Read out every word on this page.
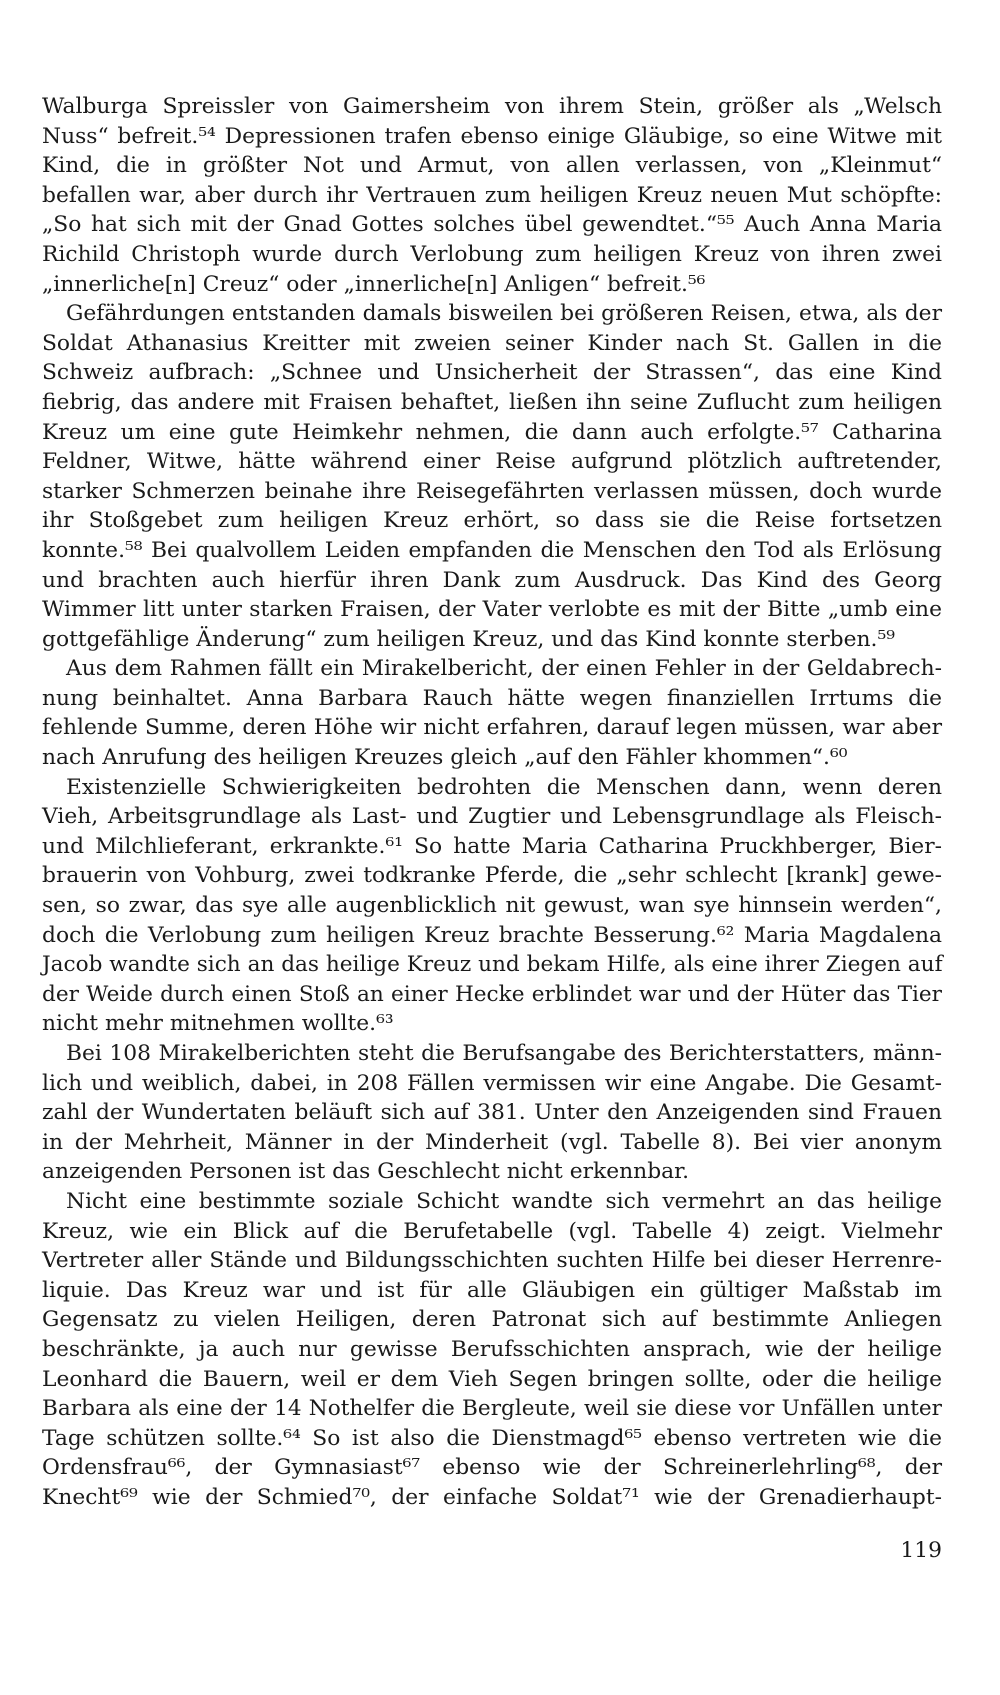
Walburga Spreissler von Gaimersheim von ihrem Stein, größer als „Welsch
Nuss“ befreit.⁵⁴ Depressionen trafen ebenso einige Gläubige, so eine Witwe mit
Kind, die in größter Not und Armut, von allen verlassen, von „Kleinmut“
befallen war, aber durch ihr Vertrauen zum heiligen Kreuz neuen Mut schöpfte:
„So hat sich mit der Gnad Gottes solches übel gewendtet.“⁵⁵ Auch Anna Maria
Richild Christoph wurde durch Verlobung zum heiligen Kreuz von ihren zwei
„innerliche[n] Creuz“ oder „innerliche[n] Anligen“ befreit.⁵⁶
Gefährdungen entstanden damals bisweilen bei größeren Reisen, etwa, als der
Soldat Athanasius Kreitter mit zweien seiner Kinder nach St. Gallen in die
Schweiz aufbrach: „Schnee und Unsicherheit der Strassen“, das eine Kind
fiebrig, das andere mit Fraisen behaftet, ließen ihn seine Zuflucht zum heiligen
Kreuz um eine gute Heimkehr nehmen, die dann auch erfolgte.⁵⁷ Catharina
Feldner, Witwe, hätte während einer Reise aufgrund plötzlich auftretender,
starker Schmerzen beinahe ihre Reisegefährten verlassen müssen, doch wurde
ihr Stoßgebet zum heiligen Kreuz erhört, so dass sie die Reise fortsetzen
konnte.⁵⁸ Bei qualvollem Leiden empfanden die Menschen den Tod als Erlösung
und brachten auch hierfür ihren Dank zum Ausdruck. Das Kind des Georg
Wimmer litt unter starken Fraisen, der Vater verlobte es mit der Bitte „umb eine
gottgefählige Änderung“ zum heiligen Kreuz, und das Kind konnte sterben.⁵⁹
Aus dem Rahmen fällt ein Mirakelbericht, der einen Fehler in der Geldabrech-
nung beinhaltet. Anna Barbara Rauch hätte wegen finanziellen Irrtums die
fehlende Summe, deren Höhe wir nicht erfahren, darauf legen müssen, war aber
nach Anrufung des heiligen Kreuzes gleich „auf den Fähler khommen“.⁶⁰
Existenzielle Schwierigkeiten bedrohten die Menschen dann, wenn deren
Vieh, Arbeitsgrundlage als Last- und Zugtier und Lebensgrundlage als Fleisch-
und Milchlieferant, erkrankte.⁶¹ So hatte Maria Catharina Pruckhberger, Bier-
brauerin von Vohburg, zwei todkranke Pferde, die „sehr schlecht [krank] gewe-
sen, so zwar, das sye alle augenblicklich nit gewust, wan sye hinnsein werden“,
doch die Verlobung zum heiligen Kreuz brachte Besserung.⁶² Maria Magdalena
Jacob wandte sich an das heilige Kreuz und bekam Hilfe, als eine ihrer Ziegen auf
der Weide durch einen Stoß an einer Hecke erblindet war und der Hüter das Tier
nicht mehr mitnehmen wollte.⁶³
Bei 108 Mirakelberichten steht die Berufsangabe des Berichterstatters, männ-
lich und weiblich, dabei, in 208 Fällen vermissen wir eine Angabe. Die Gesamt-
zahl der Wundertaten beläuft sich auf 381. Unter den Anzeigenden sind Frauen
in der Mehrheit, Männer in der Minderheit (vgl. Tabelle 8). Bei vier anonym
anzeigenden Personen ist das Geschlecht nicht erkennbar.
Nicht eine bestimmte soziale Schicht wandte sich vermehrt an das heilige
Kreuz, wie ein Blick auf die Berufetabelle (vgl. Tabelle 4) zeigt. Vielmehr
Vertreter aller Stände und Bildungsschichten suchten Hilfe bei dieser Herrenre-
liquie. Das Kreuz war und ist für alle Gläubigen ein gültiger Maßstab im
Gegensatz zu vielen Heiligen, deren Patronat sich auf bestimmte Anliegen
beschränkte, ja auch nur gewisse Berufsschichten ansprach, wie der heilige
Leonhard die Bauern, weil er dem Vieh Segen bringen sollte, oder die heilige
Barbara als eine der 14 Nothelfer die Bergleute, weil sie diese vor Unfällen unter
Tage schützen sollte.⁶⁴ So ist also die Dienstmagd⁶⁵ ebenso vertreten wie die
Ordensfrau⁶⁶, der Gymnasiast⁶⁷ ebenso wie der Schreinerlehrling⁶⁸, der
Knecht⁶⁹ wie der Schmied⁷⁰, der einfache Soldat⁷¹ wie der Grenadierhaupt-
119
